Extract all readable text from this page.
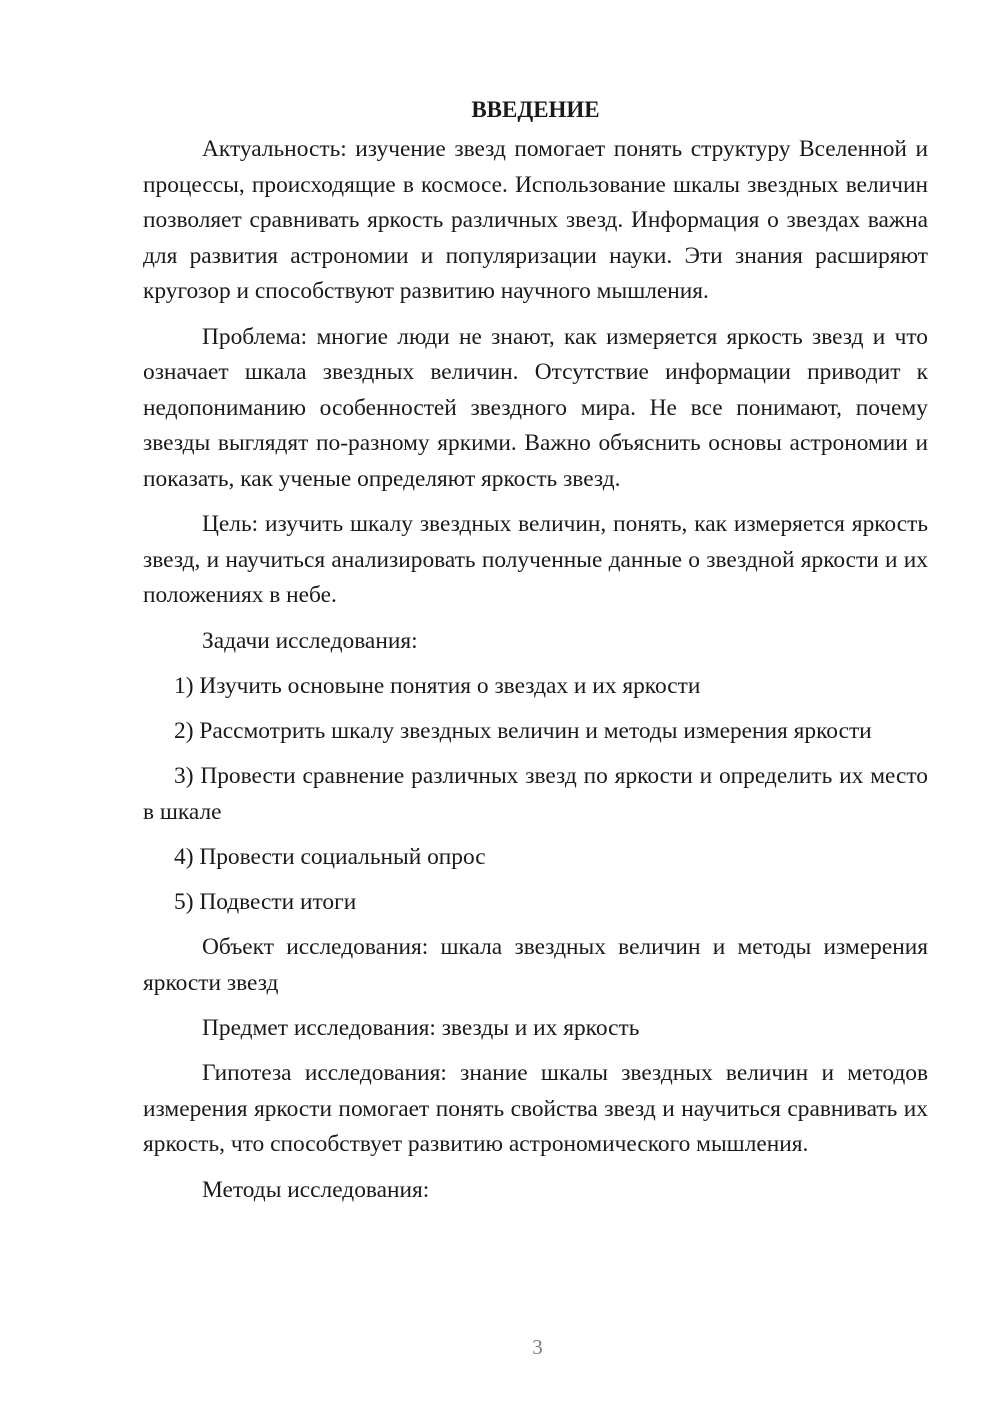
ВВЕДЕНИЕ

Актуальность: изучение звезд помогает понять структуру Вселенной и процессы, происходящие в космосе. Использование шкалы звездных величин позволяет сравнивать яркость различных звезд. Информация о звездах важна для развития астрономии и популяризации науки. Эти знания расширяют кругозор и способствуют развитию научного мышления.

Проблема: многие люди не знают, как измеряется яркость звезд и что означает шкала звездных величин. Отсутствие информации приводит к недопониманию особенностей звездного мира. Не все понимают, почему звезды выглядят по-разному яркими. Важно объяснить основы астрономии и показать, как ученые определяют яркость звезд.

Цель: изучить шкалу звездных величин, понять, как измеряется яркость звезд, и научиться анализировать полученные данные о звездной яркости и их положениях в небе.

Задачи исследования:

1) Изучить основыне понятия о звездах и их яркости

2) Рассмотрить шкалу звездных величин и методы измерения яркости

3) Провести сравнение различных звезд по яркости и определить их место в шкале

4) Провести социальный опрос

5) Подвести итоги

Объект исследования: шкала звездных величин и методы измерения яркости звезд

Предмет исследования: звезды и их яркость

Гипотеза исследования: знание шкалы звездных величин и методов измерения яркости помогает понять свойства звезд и научиться сравнивать их яркость, что способствует развитию астрономического мышления.

Методы исследования:

3
